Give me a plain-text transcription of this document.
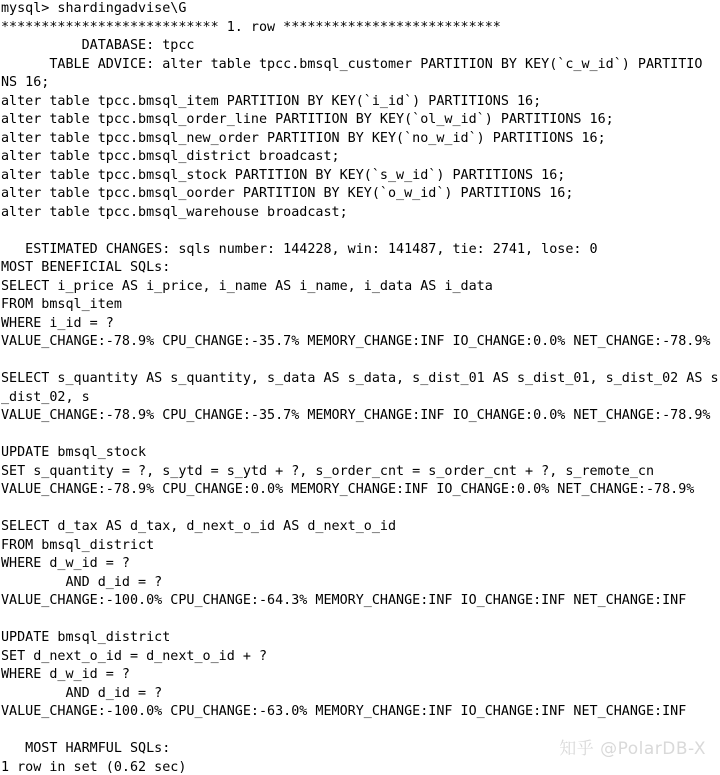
mysql> shardingadvise\G
*************************** 1. row ***************************
DATABASE: tpcc
TABLE ADVICE: alter table tpcc.bmsql_customer PARTITION BY KEY(`c_w_id`) PARTITIO
NS 16;
alter table tpcc.bmsql_item PARTITION BY KEY(`i_id`) PARTITIONS 16;
alter table tpcc.bmsql_order_line PARTITION BY KEY(`ol_w_id`) PARTITIONS 16;
alter table tpcc.bmsql_new_order PARTITION BY KEY(`no_w_id`) PARTITIONS 16;
alter table tpcc.bmsql_district broadcast;
alter table tpcc.bmsql_stock PARTITION BY KEY(`s_w_id`) PARTITIONS 16;
alter table tpcc.bmsql_oorder PARTITION BY KEY(`o_w_id`) PARTITIONS 16;
alter table tpcc.bmsql_warehouse broadcast;
ESTIMATED CHANGES: sqls number: 144228, win: 141487, tie: 2741, lose: 0
MOST BENEFICIAL SQLs:
SELECT i_price AS i_price, i_name AS i_name, i_data AS i_data
FROM bmsql_item
WHERE i_id = ?
VALUE_CHANGE:-78.9% CPU_CHANGE:-35.7% MEMORY_CHANGE:INF IO_CHANGE:0.0% NET_CHANGE:-78.9%
SELECT s_quantity AS s_quantity, s_data AS s_data, s_dist_01 AS s_dist_01, s_dist_02 AS s
_dist_02, s
VALUE_CHANGE:-78.9% CPU_CHANGE:-35.7% MEMORY_CHANGE:INF IO_CHANGE:0.0% NET_CHANGE:-78.9%
UPDATE bmsql_stock
SET s_quantity = ?, s_ytd = s_ytd + ?, s_order_cnt = s_order_cnt + ?, s_remote_cn
VALUE_CHANGE:-78.9% CPU_CHANGE:0.0% MEMORY_CHANGE:INF IO_CHANGE:0.0% NET_CHANGE:-78.9%
SELECT d_tax AS d_tax, d_next_o_id AS d_next_o_id
FROM bmsql_district
WHERE d_w_id = ?
AND d_id = ?
VALUE_CHANGE:-100.0% CPU_CHANGE:-64.3% MEMORY_CHANGE:INF IO_CHANGE:INF NET_CHANGE:INF
UPDATE bmsql_district
SET d_next_o_id = d_next_o_id + ?
WHERE d_w_id = ?
AND d_id = ?
VALUE_CHANGE:-100.0% CPU_CHANGE:-63.0% MEMORY_CHANGE:INF IO_CHANGE:INF NET_CHANGE:INF
MOST HARMFUL SQLs:
1 row in set (0.62 sec)
知乎 @PolarDB-X
